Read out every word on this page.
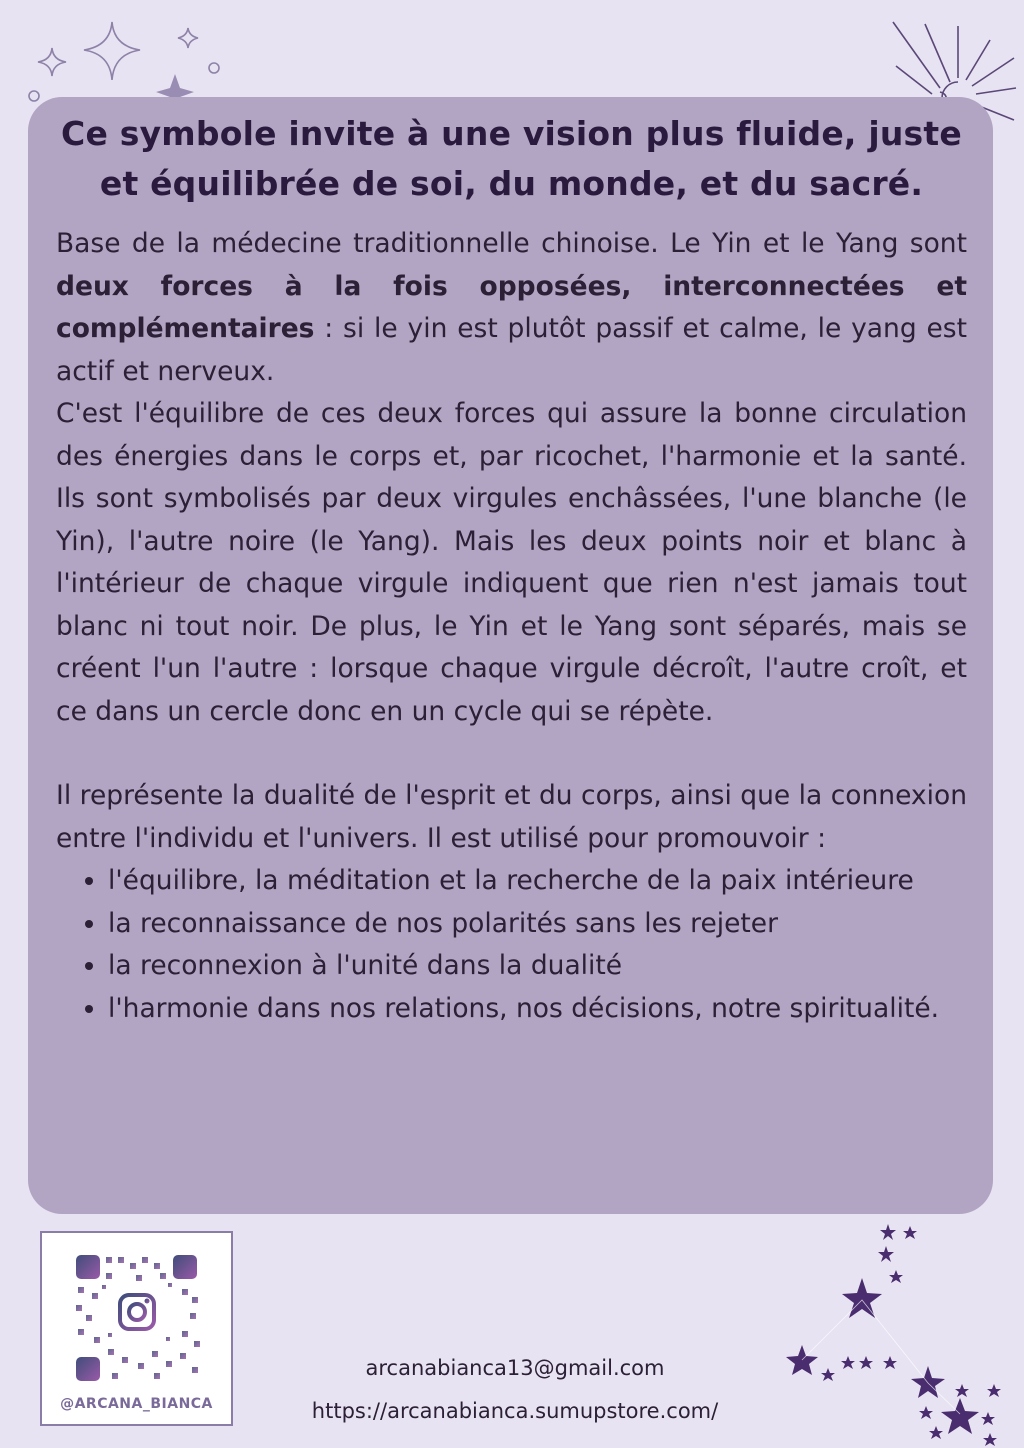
Ce symbole invite à une vision plus fluide, juste
et équilibrée de soi, du monde, et du sacré.

Base de la médecine traditionnelle chinoise. Le Yin et le Yang sont deux forces à la fois opposées, interconnectées et complémentaires : si le yin est plutôt passif et calme, le yang est actif et nerveux.

C'est l'équilibre de ces deux forces qui assure la bonne circulation des énergies dans le corps et, par ricochet, l'harmonie et la santé. Ils sont symbolisés par deux virgules enchâssées, l'une blanche (le Yin), l'autre noire (le Yang). Mais les deux points noir et blanc à l'intérieur de chaque virgule indiquent que rien n'est jamais tout blanc ni tout noir. De plus, le Yin et le Yang sont séparés, mais se créent l'un l'autre : lorsque chaque virgule décroît, l'autre croît, et ce dans un cercle donc en un cycle qui se répète.

Il représente la dualité de l'esprit et du corps, ainsi que la connexion entre l'individu et l'univers. Il est utilisé pour promouvoir :

• l'équilibre, la méditation et la recherche de la paix intérieure
• la reconnaissance de nos polarités sans les rejeter
• la reconnexion à l'unité dans la dualité
• l'harmonie dans nos relations, nos décisions, notre spiritualité.
@ARCANA_BIANCA
arcanabianca13@gmail.com
https://arcanabianca.sumupstore.com/
